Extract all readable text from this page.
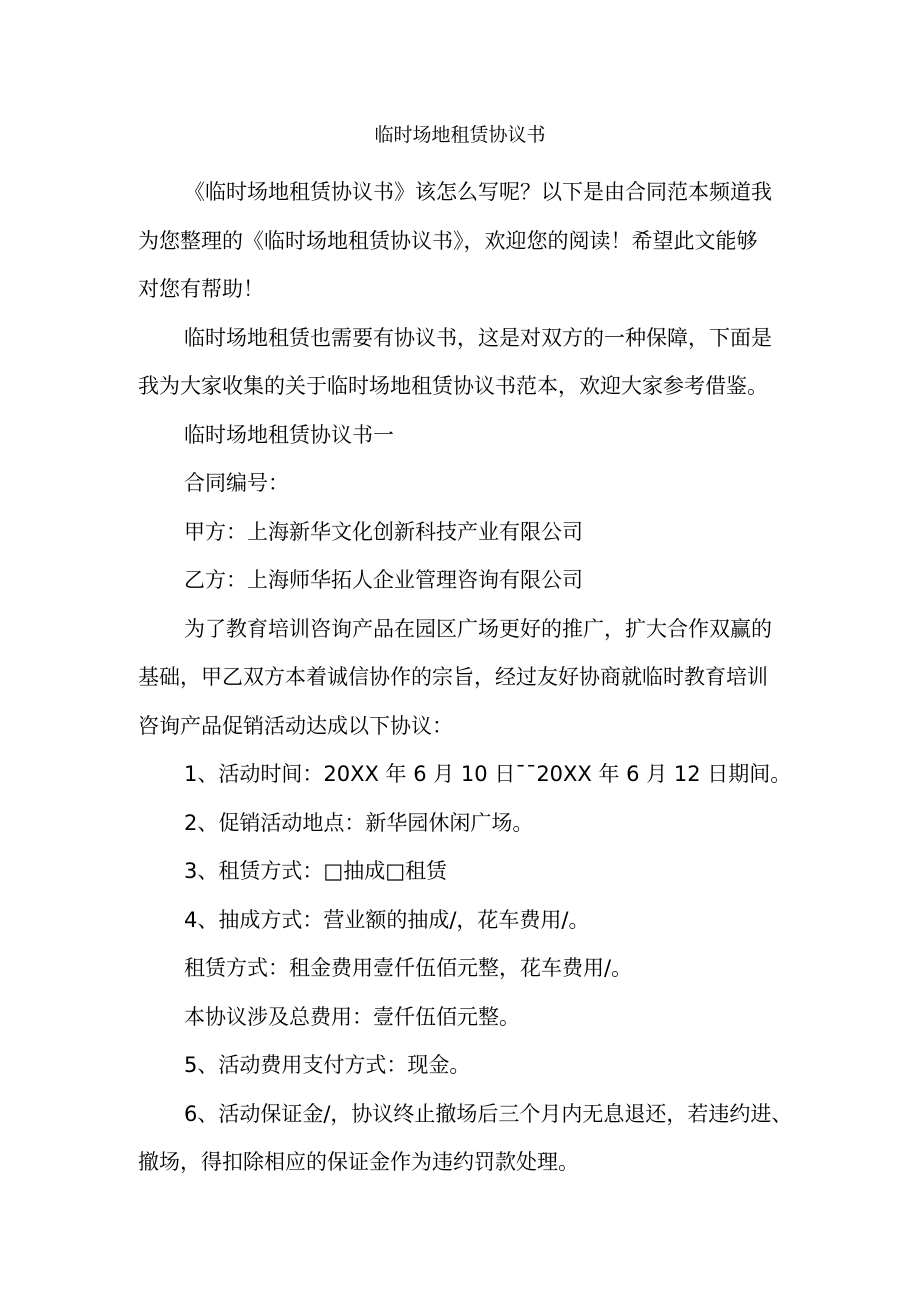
临时场地租赁协议书
《临时场地租赁协议书》该怎么写呢？以下是由合同范本频道我
为您整理的《临时场地租赁协议书》，欢迎您的阅读！希望此文能够
对您有帮助！
临时场地租赁也需要有协议书，这是对双方的一种保障，下面是
我为大家收集的关于临时场地租赁协议书范本，欢迎大家参考借鉴。
临时场地租赁协议书一
合同编号：
甲方：上海新华文化创新科技产业有限公司
乙方：上海师华拓人企业管理咨询有限公司
为了教育培训咨询产品在园区广场更好的推广，扩大合作双赢的
基础，甲乙双方本着诚信协作的宗旨，经过友好协商就临时教育培训
咨询产品促销活动达成以下协议：
1、活动时间：20XX 年 6 月 10 日¯¯20XX 年 6 月 12 日期间。
2、促销活动地点：新华园休闲广场。
3、租赁方式：□抽成□租赁
4、抽成方式：营业额的抽成/，花车费用/。
租赁方式：租金费用壹仟伍佰元整，花车费用/。
本协议涉及总费用：壹仟伍佰元整。
5、活动费用支付方式：现金。
6、活动保证金/，协议终止撤场后三个月内无息退还，若违约进、
撤场，得扣除相应的保证金作为违约罚款处理。
